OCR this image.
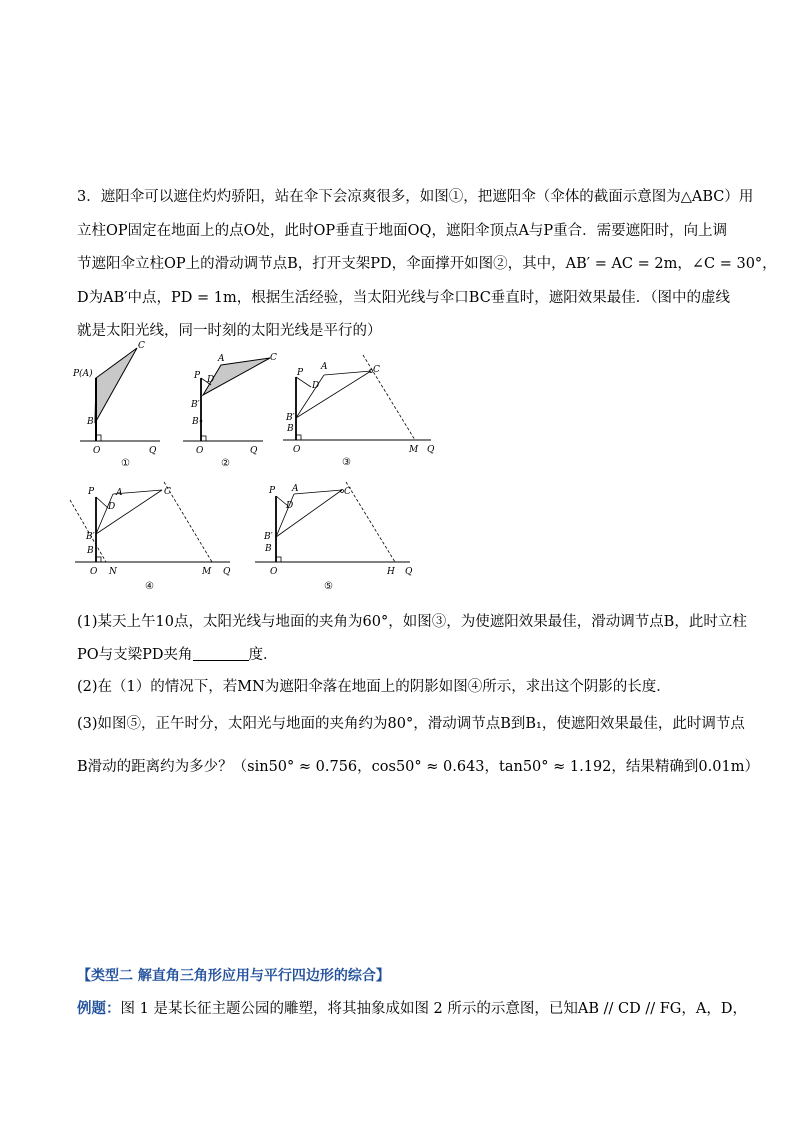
3．遮阳伞可以遮住灼灼骄阳，站在伞下会凉爽很多，如图①，把遮阳伞（伞体的截面示意图为△ABC）用
立柱OP固定在地面上的点O处，此时OP垂直于地面OQ，遮阳伞顶点A与P重合．需要遮阳时，向上调
节遮阳伞立柱OP上的滑动调节点B，打开支架PD，伞面撑开如图②，其中，AB′ = AC = 2m，∠C = 30°，
D为AB′中点，PD = 1m，根据生活经验，当太阳光线与伞口BC垂直时，遮阳效果最佳．（图中的虚线
就是太阳光线，同一时刻的太阳光线是平行的）
C
P(A)
B
O	Q
①
A	C
P D
B′
B
O	Q
②
P
A	C
D
B′
B
O	M Q
③
P A	C
D
B′
B
O N	M Q
④
P A	C
D
B′
B
O	H Q
⑤
(1)某天上午10点，太阳光线与地面的夹角为60°，如图③，为使遮阳效果最佳，滑动调节点B，此时立柱
PO与支梁PD夹角	度．
(2)在（1）的情况下，若MN为遮阳伞落在地面上的阴影如图④所示，求出这个阴影的长度．
(3)如图⑤，正午时分，太阳光与地面的夹角约为80°，滑动调节点B到B₁，使遮阳效果最佳，此时调节点
B滑动的距离约为多少？（sin50° ≈ 0.756，cos50° ≈ 0.643，tan50° ≈ 1.192，结果精确到0.01m）
【类型二 解直角三角形应用与平行四边形的综合】
例题：图 1 是某长征主题公园的雕塑，将其抽象成如图 2 所示的示意图，已知AB // CD // FG，A，D，
